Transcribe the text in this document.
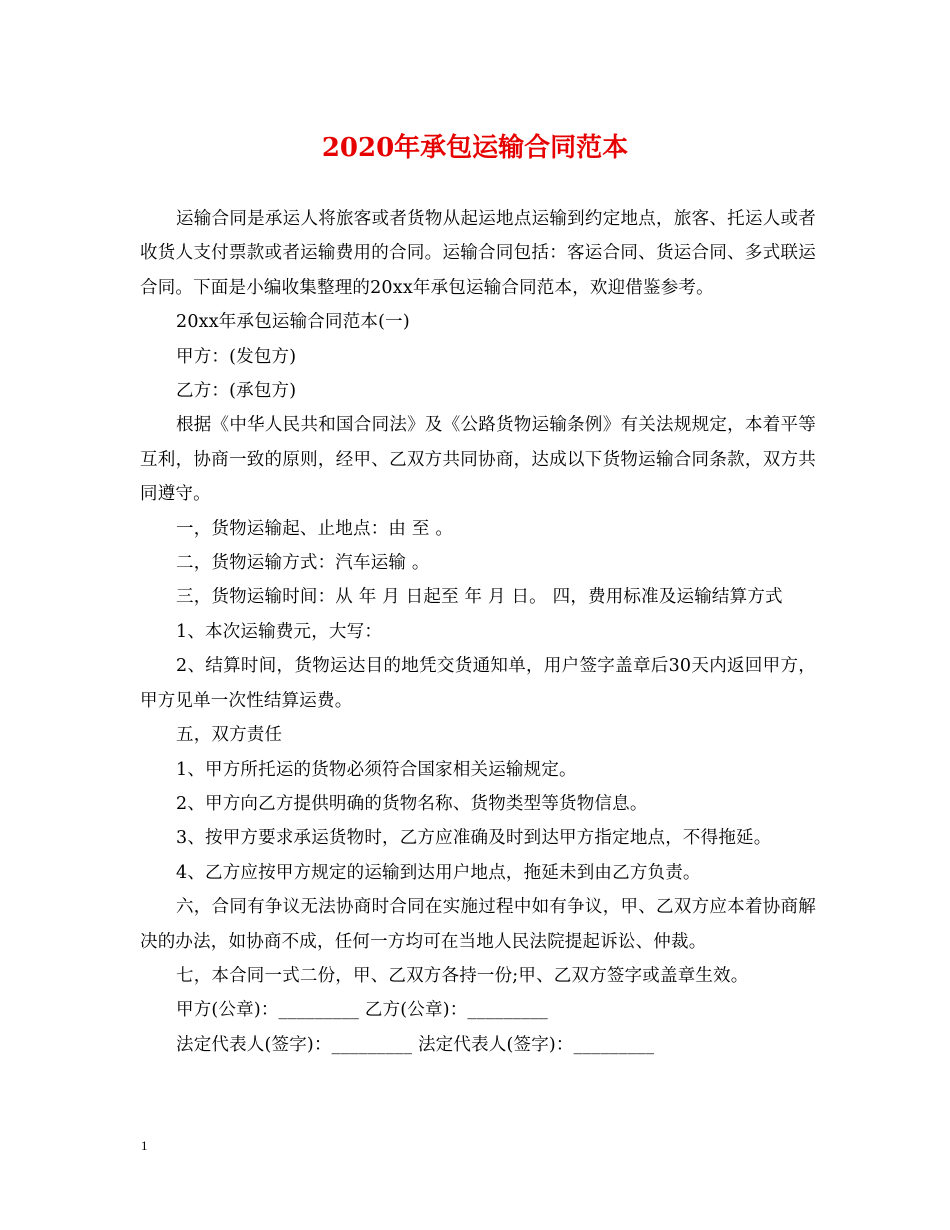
2020年承包运输合同范本

运输合同是承运人将旅客或者货物从起运地点运输到约定地点，旅客、托运人或者收货人支付票款或者运输费用的合同。运输合同包括：客运合同、货运合同、多式联运合同。下面是小编收集整理的20xx年承包运输合同范本，欢迎借鉴参考。

20xx年承包运输合同范本(一)

甲方：(发包方)

乙方：(承包方)

根据《中华人民共和国合同法》及《公路货物运输条例》有关法规规定，本着平等互利，协商一致的原则，经甲、乙双方共同协商，达成以下货物运输合同条款，双方共同遵守。

一，货物运输起、止地点：由 至 。

二，货物运输方式：汽车运输 。

三，货物运输时间：从 年 月 日起至 年 月 日。 四，费用标准及运输结算方式

1、本次运输费元，大写：

2、结算时间，货物运达目的地凭交货通知单，用户签字盖章后30天内返回甲方，甲方见单一次性结算运费。

五，双方责任

1、甲方所托运的货物必须符合国家相关运输规定。

2、甲方向乙方提供明确的货物名称、货物类型等货物信息。

3、按甲方要求承运货物时，乙方应准确及时到达甲方指定地点，不得拖延。

4、乙方应按甲方规定的运输到达用户地点，拖延未到由乙方负责。

六，合同有争议无法协商时合同在实施过程中如有争议，甲、乙双方应本着协商解决的办法，如协商不成，任何一方均可在当地人民法院提起诉讼、仲裁。

七，本合同一式二份，甲、乙双方各持一份;甲、乙双方签字或盖章生效。

甲方(公章)：_________ 乙方(公章)：_________

法定代表人(签字)：_________ 法定代表人(签字)：_________

1
